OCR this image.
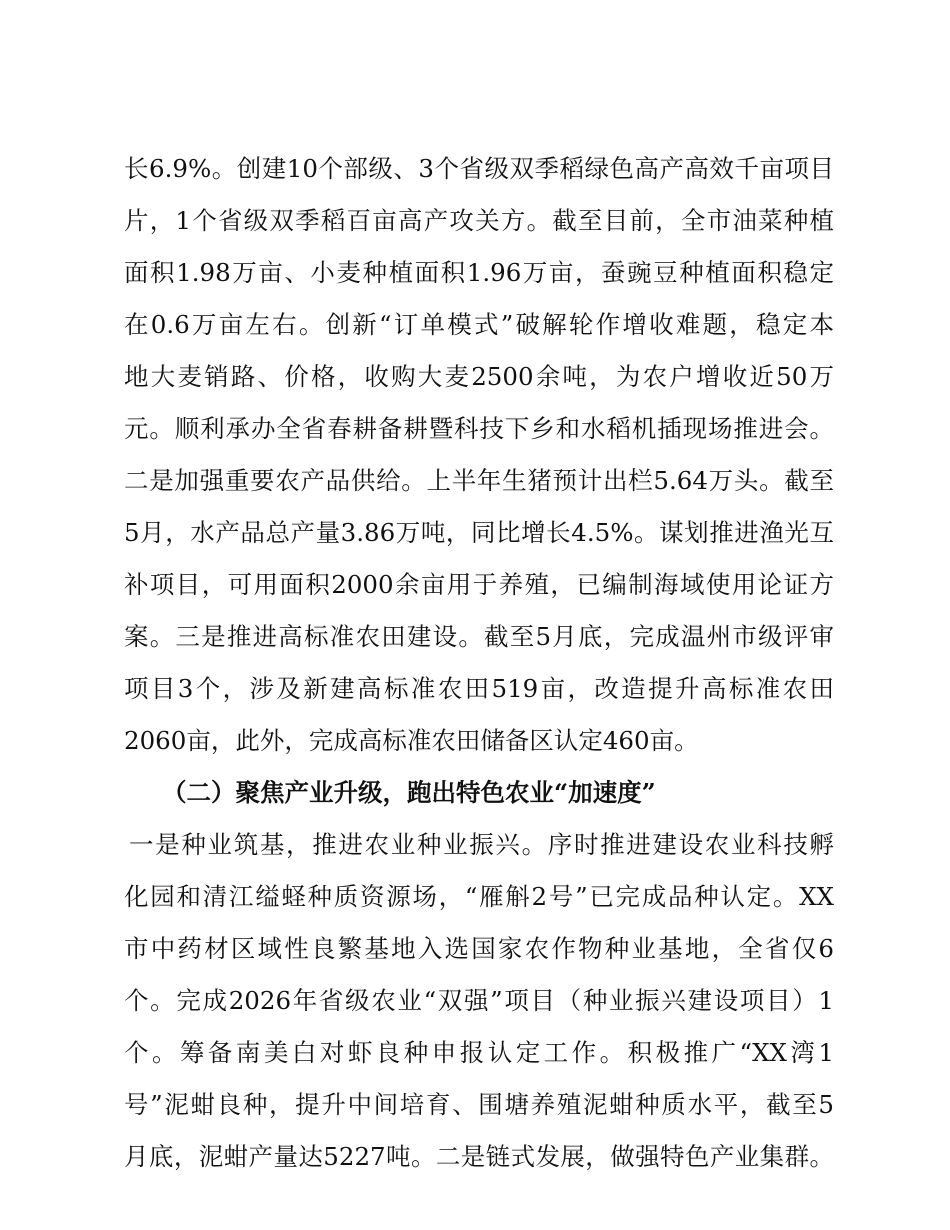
长6.9%。创建10个部级、3个省级双季稻绿色高产高效千亩项目
片，1个省级双季稻百亩高产攻关方。截至目前，全市油菜种植
面积1.98万亩、小麦种植面积1.96万亩，蚕豌豆种植面积稳定
在0.6万亩左右。创新“订单模式”破解轮作增收难题，稳定本
地大麦销路、价格，收购大麦2500余吨，为农户增收近50万
元。顺利承办全省春耕备耕暨科技下乡和水稻机插现场推进会。
二是加强重要农产品供给。上半年生猪预计出栏5.64万头。截至
5月，水产品总产量3.86万吨，同比增长4.5%。谋划推进渔光互
补项目，可用面积2000余亩用于养殖，已编制海域使用论证方
案。三是推进高标准农田建设。截至5月底，完成温州市级评审
项目3个，涉及新建高标准农田519亩，改造提升高标准农田
2060亩，此外，完成高标准农田储备区认定460亩。
（二）聚焦产业升级，跑出特色农业“加速度”
一是种业筑基，推进农业种业振兴。序时推进建设农业科技孵
化园和清江缢蛏种质资源场，“雁斛2号”已完成品种认定。XX
市中药材区域性良繁基地入选国家农作物种业基地，全省仅6
个。完成2026年省级农业“双强”项目（种业振兴建设项目）1
个。筹备南美白对虾良种申报认定工作。积极推广“XX湾1
号”泥蚶良种，提升中间培育、围塘养殖泥蚶种质水平，截至5
月底，泥蚶产量达5227吨。二是链式发展，做强特色产业集群。
